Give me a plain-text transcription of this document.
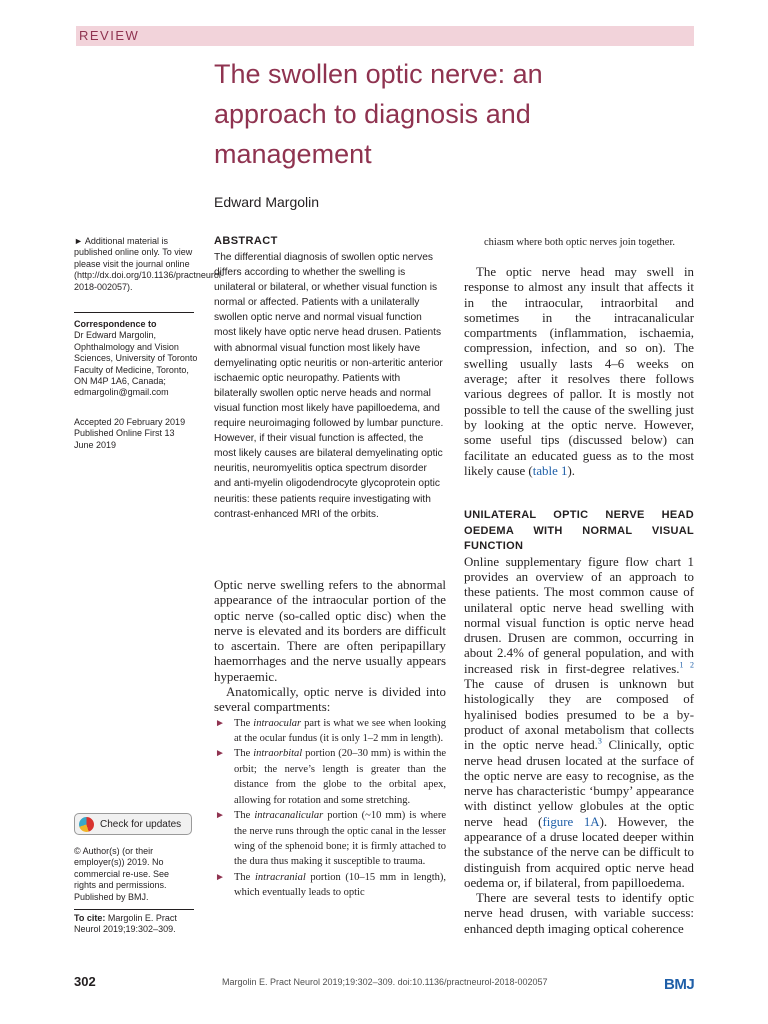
REVIEW
The swollen optic nerve: an approach to diagnosis and management
Edward Margolin
► Additional material is published online only. To view please visit the journal online (http://dx.doi.org/10.1136/practneurol-2018-002057).
Correspondence to
Dr Edward Margolin, Ophthalmology and Vision Sciences, University of Toronto Faculty of Medicine, Toronto, ON M4P 1A6, Canada; edmargolin@gmail.com
Accepted 20 February 2019
Published Online First 13 June 2019
Check for updates
© Author(s) (or their employer(s)) 2019. No commercial re-use. See rights and permissions. Published by BMJ.
To cite: Margolin E. Pract Neurol 2019;19:302–309.
ABSTRACT
The differential diagnosis of swollen optic nerves differs according to whether the swelling is unilateral or bilateral, or whether visual function is normal or affected. Patients with a unilaterally swollen optic nerve and normal visual function most likely have optic nerve head drusen. Patients with abnormal visual function most likely have demyelinating optic neuritis or non-arteritic anterior ischaemic optic neuropathy. Patients with bilaterally swollen optic nerve heads and normal visual function most likely have papilloedema, and require neuroimaging followed by lumbar puncture. However, if their visual function is affected, the most likely causes are bilateral demyelinating optic neuritis, neuromyelitis optica spectrum disorder and anti-myelin oligodendrocyte glycoprotein optic neuritis: these patients require investigating with contrast-enhanced MRI of the orbits.

Optic nerve swelling refers to the abnormal appearance of the intraocular portion of the optic nerve (so-called optic disc) when the nerve is elevated and its borders are difficult to ascertain. There are often peripapillary haemorrhages and the nerve usually appears hyperaemic.

Anatomically, optic nerve is divided into several compartments:

► The intraocular part is what we see when looking at the ocular fundus (it is only 1–2 mm in length).
► The intraorbital portion (20–30 mm) is within the orbit; the nerve’s length is greater than the distance from the globe to the orbital apex, allowing for rotation and some stretching.
► The intracanalicular portion (~10 mm) is where the nerve runs through the optic canal in the lesser wing of the sphenoid bone; it is firmly attached to the dura thus making it susceptible to trauma.
► The intracranial portion (10–15 mm in length), which eventually leads to optic
chiasm where both optic nerves join together.

The optic nerve head may swell in response to almost any insult that affects it in the intraocular, intraorbital and sometimes in the intracanalicular compartments (inflammation, ischaemia, compression, infection, and so on). The swelling usually lasts 4–6 weeks on average; after it resolves there follows various degrees of pallor. It is mostly not possible to tell the cause of the swelling just by looking at the optic nerve. However, some useful tips (discussed below) can facilitate an educated guess as to the most likely cause (table 1).

UNILATERAL OPTIC NERVE HEAD OEDEMA WITH NORMAL VISUAL FUNCTION

Online supplementary figure flow chart 1 provides an overview of an approach to these patients. The most common cause of unilateral optic nerve head swelling with normal visual function is optic nerve head drusen. Drusen are common, occurring in about 2.4% of general population, and with increased risk in first-degree relatives.$^{1 2}$ The cause of drusen is unknown but histologically they are composed of hyalinised bodies presumed to be a by-product of axonal metabolism that collects in the optic nerve head.$^3$ Clinically, optic nerve head drusen located at the surface of the optic nerve are easy to recognise, as the nerve has characteristic ‘bumpy’ appearance with distinct yellow globules at the optic nerve head (figure 1A). However, the appearance of a druse located deeper within the substance of the nerve can be difficult to distinguish from acquired optic nerve head oedema or, if bilateral, from papilloedema.

There are several tests to identify optic nerve head drusen, with variable success: enhanced depth imaging optical coherence

302	Margolin E. Pract Neurol 2019;19:302–309. doi:10.1136/practneurol-2018-002057	BMJ
